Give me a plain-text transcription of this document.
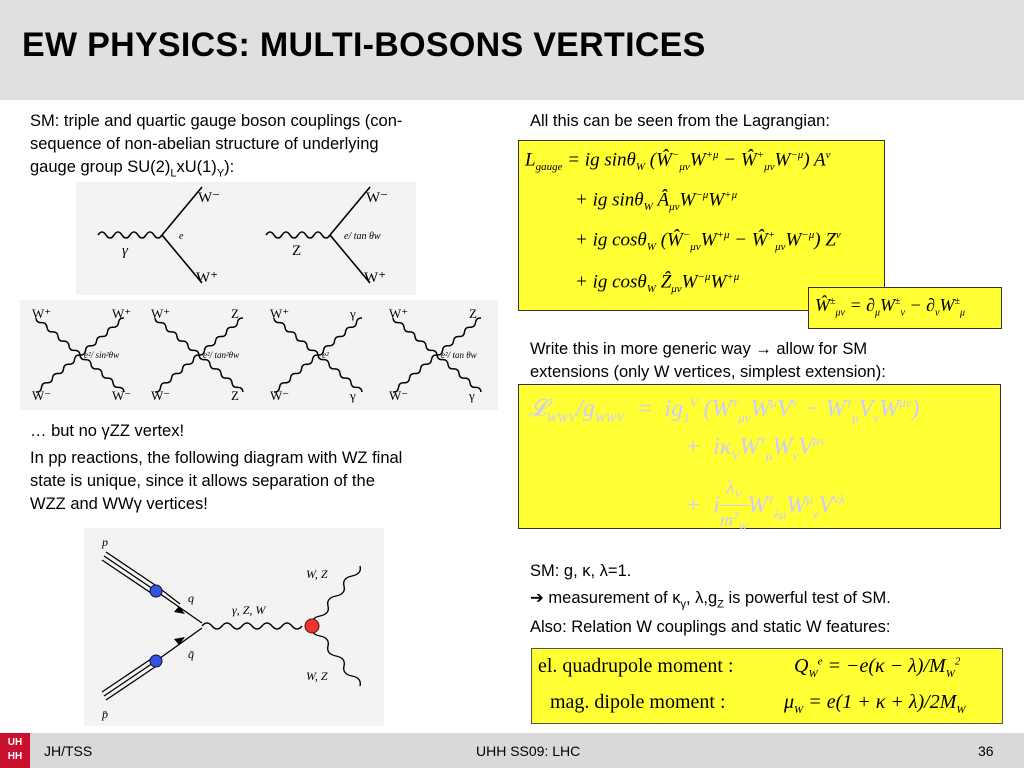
EW PHYSICS: MULTI-BOSONS VERTICES
SM: triple and quartic gauge boson couplings (con-
sequence of non-abelian structure of underlying
gauge group $SU(2)_LxU(1)_Y$):
W⁻
W⁺
γ
e
W⁻
W⁺
Z
e/ tan θw
W⁺	W⁺
W⁻	W⁻
e²/ sin²θw
W⁺	Z
W⁻	Z
e²/ tan²θw
W⁺	γ
W⁻	γ
e²
W⁺	Z
W⁻	γ
e²/ tan θw
… but no γZZ vertex!
In pp reactions, the following diagram with WZ final
state is unique, since it allows separation of the
WZZ and WWγ vertices!
p
q
q̄
p̄
γ, Z, W
W, Z
W, Z
All this can be seen from the Lagrangian:
$L_{gauge}$ = ig sinθ$_W$ ($Ŵ^-_{\mu\nu}W^{+\mu}$ − $Ŵ^+_{\mu\nu}W^{-\mu}$) $A^\nu$
+ ig sinθ$_W$ $Â_{\mu\nu}W^{-\mu}W^{+\mu}$
+ ig cosθ$_W$ ($Ŵ^-_{\mu\nu}W^{+\mu}$ − $Ŵ^+_{\mu\nu}W^{-\mu}$) $Z^\nu$
+ ig cosθ$_W$ $Ẑ_{\mu\nu}W^{-\mu}W^{+\mu}$
$Ŵ^\pm_{\mu\nu} = \partial_\mu W^\pm_\nu - \partial_\nu W^\pm_\mu$
Write this in more generic way → allow for SM
extensions (only W vertices, simplest extension):
$𝓛_{WWV}/g_{WWV} = ig_1^V$ $(W^\dagger_{\mu\nu}W^\mu V^\nu - W^\dagger_\mu V_\nu W^{\mu\nu})$
+  $i\kappa_VW^\dagger_\mu W_\nu V^{\mu\nu}$
+  i $\frac{\lambda_V}{m^2_W} W^\dagger_{\lambda\mu}W^\mu_\nu V^{\nu\lambda}$
SM: g, κ, λ=1.
➔ measurement of $\kappa_\gamma$, $\lambda,g_Z$ is powerful test of SM.
Also: Relation W couplings and static W features:
el. quadrupole moment :	$Q_W^e = -e(\kappa - \lambda)/M_W^2$
mag. dipole moment :	$\mu_W = e(1 + \kappa + \lambda)/2M_W$
UH
HH	JH/TSS	UHH SS09: LHC	36
